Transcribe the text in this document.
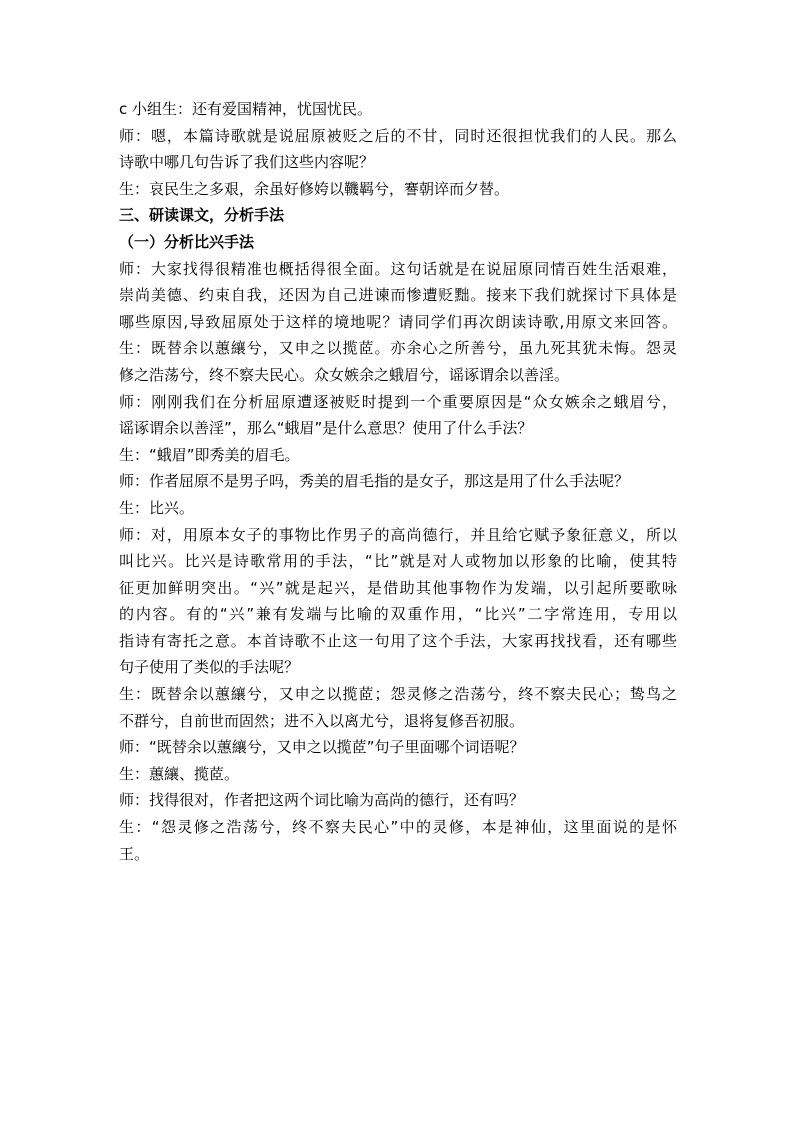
c 小组生：还有爱国精神，忧国忧民。
师：嗯，本篇诗歌就是说屈原被贬之后的不甘，同时还很担忧我们的人民。那么
诗歌中哪几句告诉了我们这些内容呢？
生：哀民生之多艰，余虽好修姱以鞿羁兮，謇朝谇而夕替。
三、研读课文，分析手法
（一）分析比兴手法
师：大家找得很精准也概括得很全面。这句话就是在说屈原同情百姓生活艰难，
崇尚美德、约束自我，还因为自己进谏而惨遭贬黜。接来下我们就探讨下具体是
哪些原因,导致屈原处于这样的境地呢？请同学们再次朗读诗歌,用原文来回答。
生：既替余以蕙纕兮，又申之以揽茝。亦余心之所善兮，虽九死其犹未悔。怨灵
修之浩荡兮，终不察夫民心。众女嫉余之蛾眉兮，谣诼谓余以善淫。
师：刚刚我们在分析屈原遭逐被贬时提到一个重要原因是“众女嫉余之蛾眉兮，
谣诼谓余以善淫”，那么“蛾眉”是什么意思？使用了什么手法？
生：“蛾眉”即秀美的眉毛。
师：作者屈原不是男子吗，秀美的眉毛指的是女子，那这是用了什么手法呢？
生：比兴。
师：对，用原本女子的事物比作男子的高尚德行，并且给它赋予象征意义，所以
叫比兴。比兴是诗歌常用的手法，“比”就是对人或物加以形象的比喻，使其特
征更加鲜明突出。“兴”就是起兴，是借助其他事物作为发端，以引起所要歌咏
的内容。有的“兴”兼有发端与比喻的双重作用，“比兴”二字常连用，专用以
指诗有寄托之意。本首诗歌不止这一句用了这个手法，大家再找找看，还有哪些
句子使用了类似的手法呢？
生：既替余以蕙纕兮，又申之以揽茝；怨灵修之浩荡兮，终不察夫民心；鸷鸟之
不群兮，自前世而固然；进不入以离尤兮，退将复修吾初服。
师：“既替余以蕙纕兮，又申之以揽茝”句子里面哪个词语呢？
生：蕙纕、揽茝。
师：找得很对，作者把这两个词比喻为高尚的德行，还有吗？
生：“怨灵修之浩荡兮，终不察夫民心”中的灵修，本是神仙，这里面说的是怀
王。
